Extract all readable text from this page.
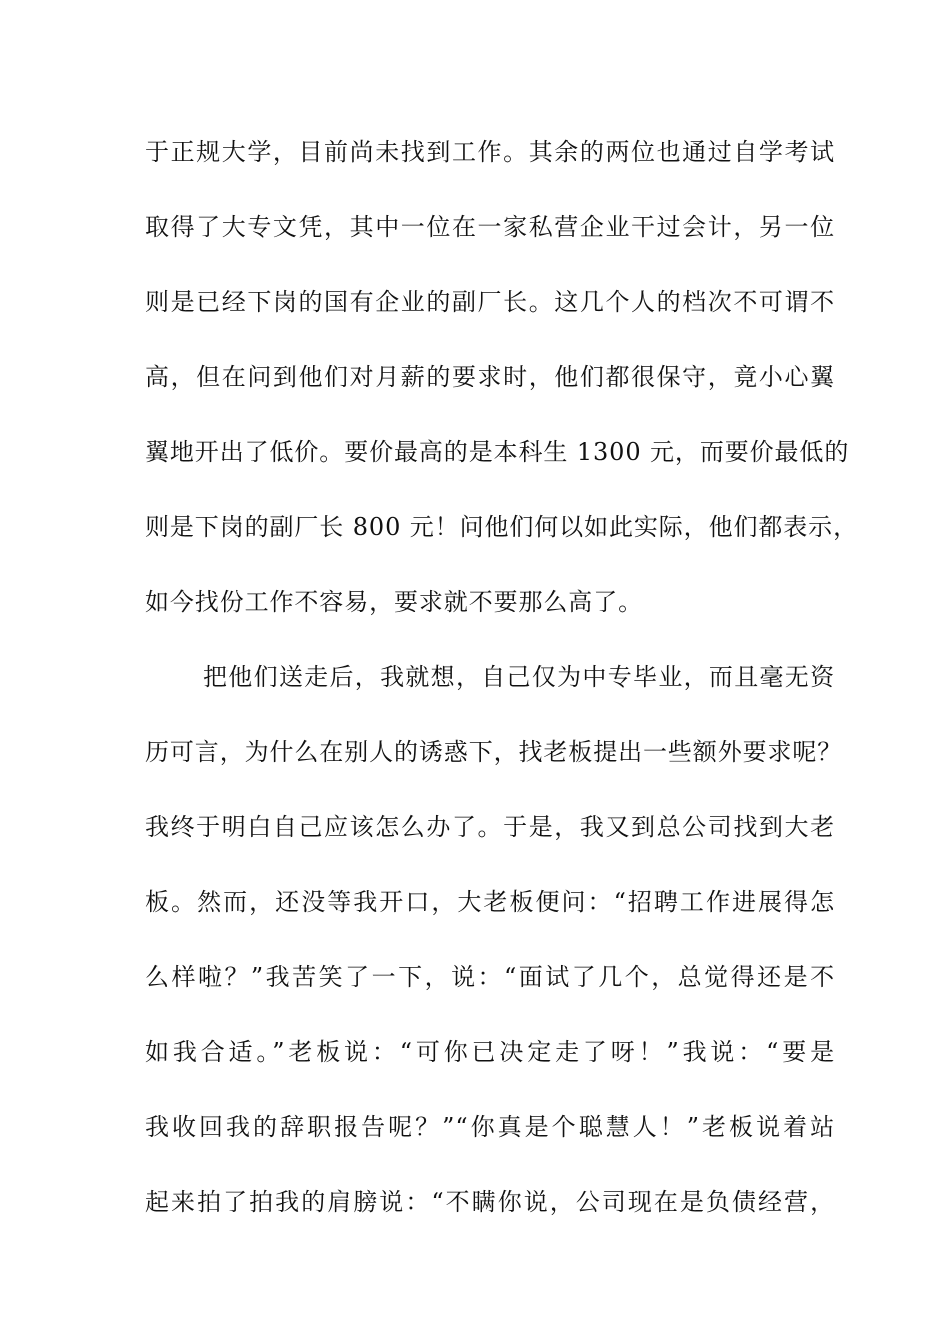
于正规大学，目前尚未找到工作。其余的两位也通过自学考试
取得了大专文凭，其中一位在一家私营企业干过会计，另一位
则是已经下岗的国有企业的副厂长。这几个人的档次不可谓不
高，但在问到他们对月薪的要求时，他们都很保守，竟小心翼
翼地开出了低价。要价最高的是本科生 1300 元，而要价最低的
则是下岗的副厂长 800 元！问他们何以如此实际，他们都表示，
如今找份工作不容易，要求就不要那么高了。
把他们送走后，我就想，自己仅为中专毕业，而且毫无资
历可言，为什么在别人的诱惑下，找老板提出一些额外要求呢？
我终于明白自己应该怎么办了。于是，我又到总公司找到大老
板。然而，还没等我开口，大老板便问：“招聘工作进展得怎
么样啦？”我苦笑了一下，说：“面试了几个，总觉得还是不
如我合适。”老板说：“可你已决定走了呀！”我说：“要是
我收回我的辞职报告呢？”“你真是个聪慧人！”老板说着站
起来拍了拍我的肩膀说：“不瞒你说，公司现在是负债经营，
